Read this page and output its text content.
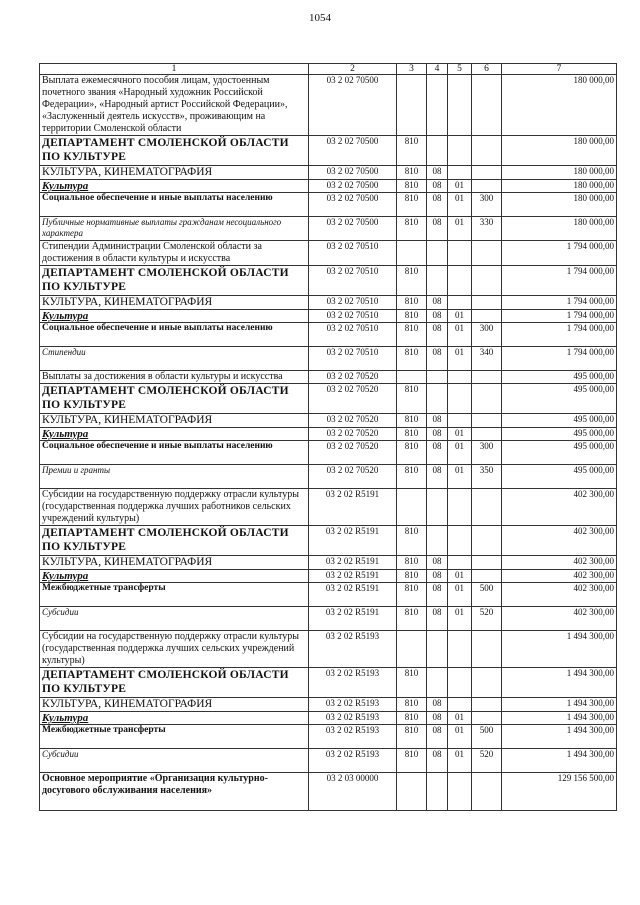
1054
1	2	3	4	5	6	7
Выплата ежемесячного пособия лицам, удостоенным почетного звания «Народный художник Российской Федерации», «Народный артист Российской Федерации», «Заслуженный деятель искусств», проживающим на территории Смоленской области	03 2 02 70500					180 000,00
ДЕПАРТАМЕНТ СМОЛЕНСКОЙ ОБЛАСТИ ПО КУЛЬТУРЕ	03 2 02 70500	810				180 000,00
КУЛЬТУРА, КИНЕМАТОГРАФИЯ	03 2 02 70500	810	08			180 000,00
Культура	03 2 02 70500	810	08	01		180 000,00
Социальное обеспечение и иные выплаты населению	03 2 02 70500	810	08	01	300	180 000,00
Публичные нормативные выплаты гражданам несоциального характера	03 2 02 70500	810	08	01	330	180 000,00
Стипендии Администрации Смоленской области за достижения в области культуры и искусства	03 2 02 70510					1 794 000,00
ДЕПАРТАМЕНТ СМОЛЕНСКОЙ ОБЛАСТИ ПО КУЛЬТУРЕ	03 2 02 70510	810				1 794 000,00
КУЛЬТУРА, КИНЕМАТОГРАФИЯ	03 2 02 70510	810	08			1 794 000,00
Культура	03 2 02 70510	810	08	01		1 794 000,00
Социальное обеспечение и иные выплаты населению	03 2 02 70510	810	08	01	300	1 794 000,00
Стипендии	03 2 02 70510	810	08	01	340	1 794 000,00
Выплаты за достижения в области культуры и искусства	03 2 02 70520					495 000,00
ДЕПАРТАМЕНТ СМОЛЕНСКОЙ ОБЛАСТИ ПО КУЛЬТУРЕ	03 2 02 70520	810				495 000,00
КУЛЬТУРА, КИНЕМАТОГРАФИЯ	03 2 02 70520	810	08			495 000,00
Культура	03 2 02 70520	810	08	01		495 000,00
Социальное обеспечение и иные выплаты населению	03 2 02 70520	810	08	01	300	495 000,00
Премии и гранты	03 2 02 70520	810	08	01	350	495 000,00
Субсидии на государственную поддержку отрасли культуры (государственная поддержка лучших работников сельских учреждений культуры)	03 2 02 R5191					402 300,00
ДЕПАРТАМЕНТ СМОЛЕНСКОЙ ОБЛАСТИ ПО КУЛЬТУРЕ	03 2 02 R5191	810				402 300,00
КУЛЬТУРА, КИНЕМАТОГРАФИЯ	03 2 02 R5191	810	08			402 300,00
Культура	03 2 02 R5191	810	08	01		402 300,00
Межбюджетные трансферты	03 2 02 R5191	810	08	01	500	402 300,00
Субсидии	03 2 02 R5191	810	08	01	520	402 300,00
Субсидии на государственную поддержку отрасли культуры (государственная поддержка лучших сельских учреждений культуры)	03 2 02 R5193					1 494 300,00
ДЕПАРТАМЕНТ СМОЛЕНСКОЙ ОБЛАСТИ ПО КУЛЬТУРЕ	03 2 02 R5193	810				1 494 300,00
КУЛЬТУРА, КИНЕМАТОГРАФИЯ	03 2 02 R5193	810	08			1 494 300,00
Культура	03 2 02 R5193	810	08	01		1 494 300,00
Межбюджетные трансферты	03 2 02 R5193	810	08	01	500	1 494 300,00
Субсидии	03 2 02 R5193	810	08	01	520	1 494 300,00
Основное мероприятие «Организация культурно-досугового обслуживания населения»	03 2 03 00000					129 156 500,00
